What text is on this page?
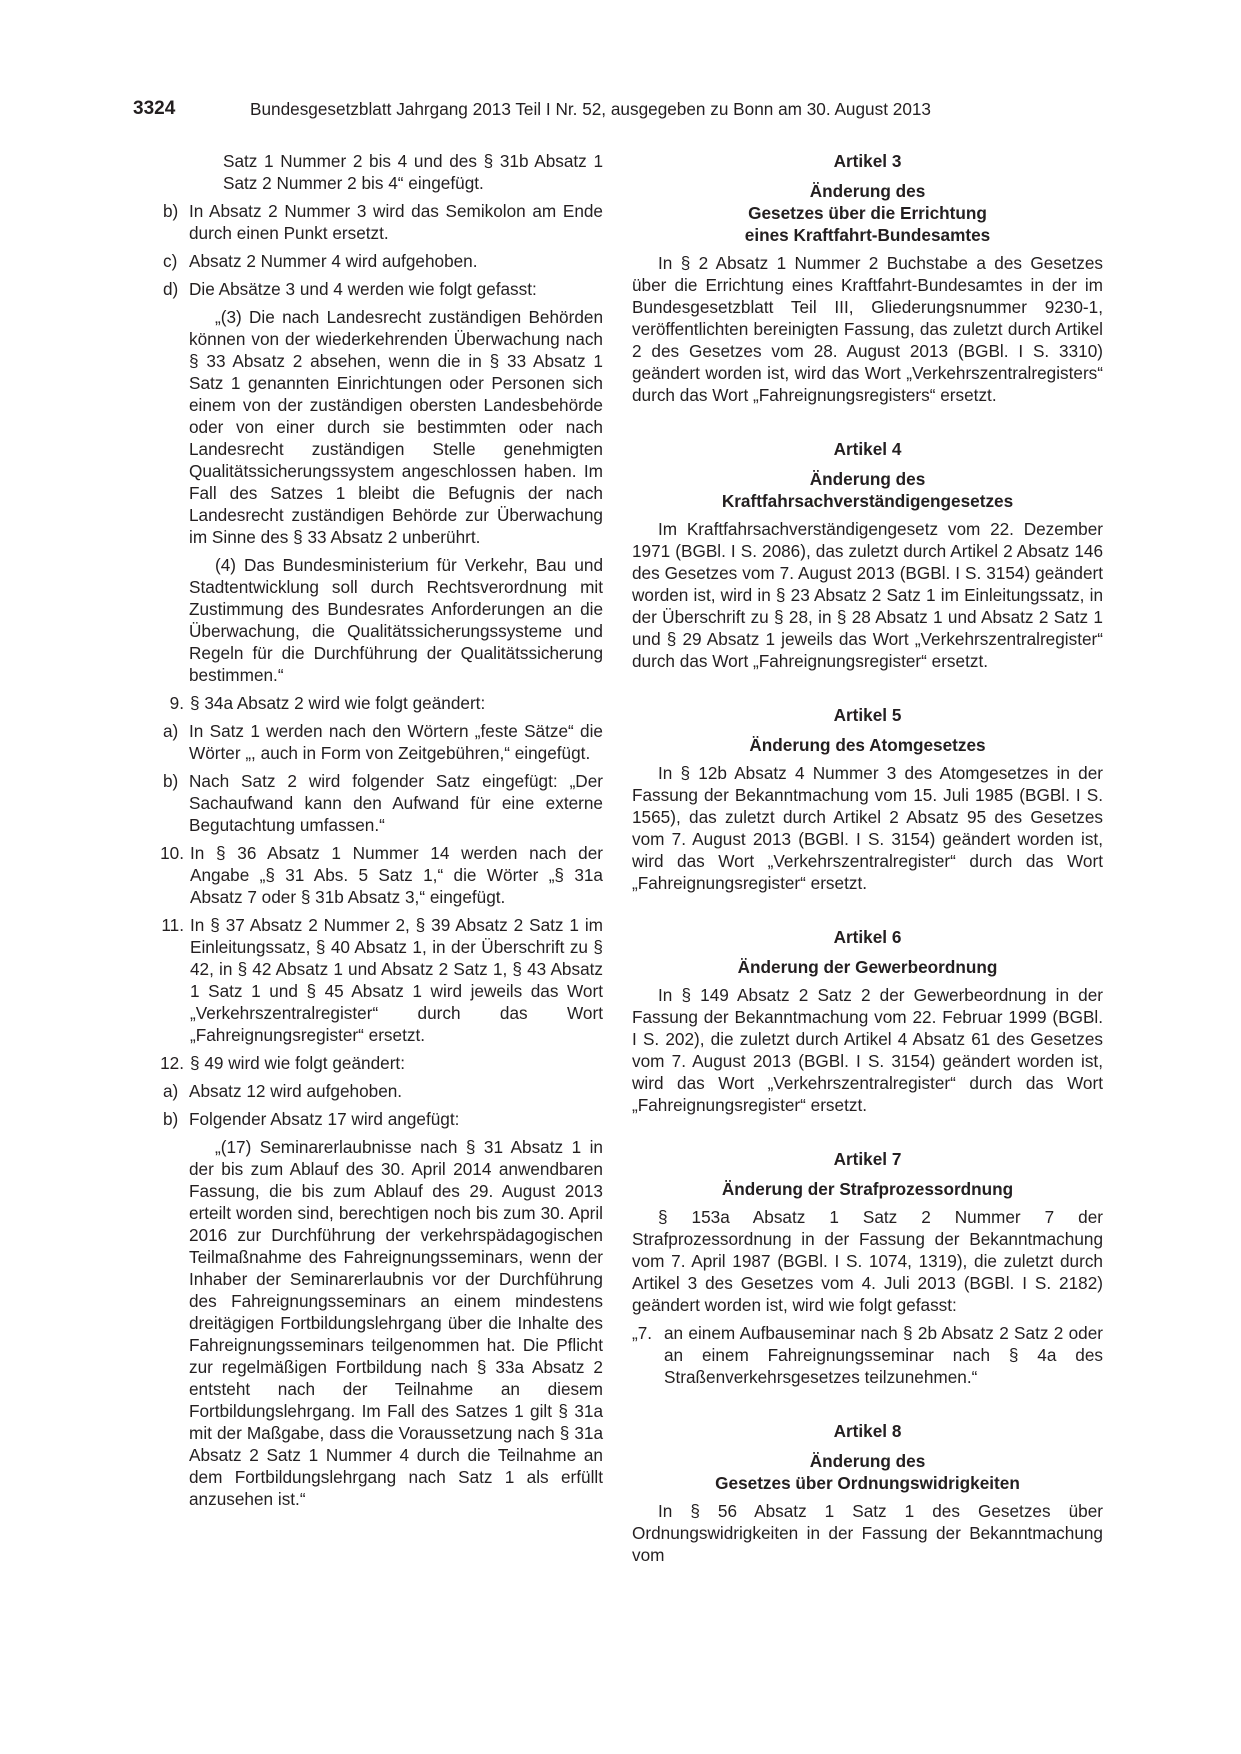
3324	Bundesgesetzblatt Jahrgang 2013 Teil I Nr. 52, ausgegeben zu Bonn am 30. August 2013

Satz 1 Nummer 2 bis 4 und des § 31b Absatz 1 Satz 2 Nummer 2 bis 4“ eingefügt.

b) In Absatz 2 Nummer 3 wird das Semikolon am Ende durch einen Punkt ersetzt.
c) Absatz 2 Nummer 4 wird aufgehoben.
d) Die Absätze 3 und 4 werden wie folgt gefasst:

„(3) Die nach Landesrecht zuständigen Behörden können von der wiederkehrenden Überwachung nach § 33 Absatz 2 absehen, wenn die in § 33 Absatz 1 Satz 1 genannten Einrichtungen oder Personen sich einem von der zuständigen obersten Landesbehörde oder von einer durch sie bestimmten oder nach Landesrecht zuständigen Stelle genehmigten Qualitätssicherungssystem angeschlossen haben. Im Fall des Satzes 1 bleibt die Befugnis der nach Landesrecht zuständigen Behörde zur Überwachung im Sinne des § 33 Absatz 2 unberührt.

(4) Das Bundesministerium für Verkehr, Bau und Stadtentwicklung soll durch Rechtsverordnung mit Zustimmung des Bundesrates Anforderungen an die Überwachung, die Qualitätssicherungssysteme und Regeln für die Durchführung der Qualitätssicherung bestimmen.“

9. § 34a Absatz 2 wird wie folgt geändert:
a) In Satz 1 werden nach den Wörtern „feste Sätze“ die Wörter „, auch in Form von Zeitgebühren,“ eingefügt.
b) Nach Satz 2 wird folgender Satz eingefügt: „Der Sachaufwand kann den Aufwand für eine externe Begutachtung umfassen.“
10. In § 36 Absatz 1 Nummer 14 werden nach der Angabe „§ 31 Abs. 5 Satz 1,“ die Wörter „§ 31a Absatz 7 oder § 31b Absatz 3,“ eingefügt.
11. In § 37 Absatz 2 Nummer 2, § 39 Absatz 2 Satz 1 im Einleitungssatz, § 40 Absatz 1, in der Überschrift zu § 42, in § 42 Absatz 1 und Absatz 2 Satz 1, § 43 Absatz 1 Satz 1 und § 45 Absatz 1 wird jeweils das Wort „Verkehrszentralregister“ durch das Wort „Fahreignungsregister“ ersetzt.
12. § 49 wird wie folgt geändert:
a) Absatz 12 wird aufgehoben.
b) Folgender Absatz 17 wird angefügt:

„(17) Seminarerlaubnisse nach § 31 Absatz 1 in der bis zum Ablauf des 30. April 2014 anwendbaren Fassung, die bis zum Ablauf des 29. August 2013 erteilt worden sind, berechtigen noch bis zum 30. April 2016 zur Durchführung der verkehrspädagogischen Teilmaßnahme des Fahreignungsseminars, wenn der Inhaber der Seminarerlaubnis vor der Durchführung des Fahreignungsseminars an einem mindestens dreitägigen Fortbildungslehrgang über die Inhalte des Fahreignungsseminars teilgenommen hat. Die Pflicht zur regelmäßigen Fortbildung nach § 33a Absatz 2 entsteht nach der Teilnahme an diesem Fortbildungslehrgang. Im Fall des Satzes 1 gilt § 31a mit der Maßgabe, dass die Voraussetzung nach § 31a Absatz 2 Satz 1 Nummer 4 durch die Teilnahme an dem Fortbildungslehrgang nach Satz 1 als erfüllt anzusehen ist.“

Artikel 3
Änderung des
Gesetzes über die Errichtung
eines Kraftfahrt-Bundesamtes

In § 2 Absatz 1 Nummer 2 Buchstabe a des Gesetzes über die Errichtung eines Kraftfahrt-Bundesamtes in der im Bundesgesetzblatt Teil III, Gliederungsnummer 9230-1, veröffentlichten bereinigten Fassung, das zuletzt durch Artikel 2 des Gesetzes vom 28. August 2013 (BGBl. I S. 3310) geändert worden ist, wird das Wort „Verkehrszentralregisters“ durch das Wort „Fahreignungsregisters“ ersetzt.

Artikel 4
Änderung des
Kraftfahrsachverständigengesetzes

Im Kraftfahrsachverständigengesetz vom 22. Dezember 1971 (BGBl. I S. 2086), das zuletzt durch Artikel 2 Absatz 146 des Gesetzes vom 7. August 2013 (BGBl. I S. 3154) geändert worden ist, wird in § 23 Absatz 2 Satz 1 im Einleitungssatz, in der Überschrift zu § 28, in § 28 Absatz 1 und Absatz 2 Satz 1 und § 29 Absatz 1 jeweils das Wort „Verkehrszentralregister“ durch das Wort „Fahreignungsregister“ ersetzt.

Artikel 5
Änderung des Atomgesetzes

In § 12b Absatz 4 Nummer 3 des Atomgesetzes in der Fassung der Bekanntmachung vom 15. Juli 1985 (BGBl. I S. 1565), das zuletzt durch Artikel 2 Absatz 95 des Gesetzes vom 7. August 2013 (BGBl. I S. 3154) geändert worden ist, wird das Wort „Verkehrszentralregister“ durch das Wort „Fahreignungsregister“ ersetzt.

Artikel 6
Änderung der Gewerbeordnung

In § 149 Absatz 2 Satz 2 der Gewerbeordnung in der Fassung der Bekanntmachung vom 22. Februar 1999 (BGBl. I S. 202), die zuletzt durch Artikel 4 Absatz 61 des Gesetzes vom 7. August 2013 (BGBl. I S. 3154) geändert worden ist, wird das Wort „Verkehrszentralregister“ durch das Wort „Fahreignungsregister“ ersetzt.

Artikel 7
Änderung der Strafprozessordnung

§ 153a Absatz 1 Satz 2 Nummer 7 der Strafprozessordnung in der Fassung der Bekanntmachung vom 7. April 1987 (BGBl. I S. 1074, 1319), die zuletzt durch Artikel 3 des Gesetzes vom 4. Juli 2013 (BGBl. I S. 2182) geändert worden ist, wird wie folgt gefasst:

„7. an einem Aufbauseminar nach § 2b Absatz 2 Satz 2 oder an einem Fahreignungsseminar nach § 4a des Straßenverkehrsgesetzes teilzunehmen.“
Artikel 8
Änderung des
Gesetzes über Ordnungswidrigkeiten

In § 56 Absatz 1 Satz 1 des Gesetzes über Ordnungswidrigkeiten in der Fassung der Bekanntmachung vom
